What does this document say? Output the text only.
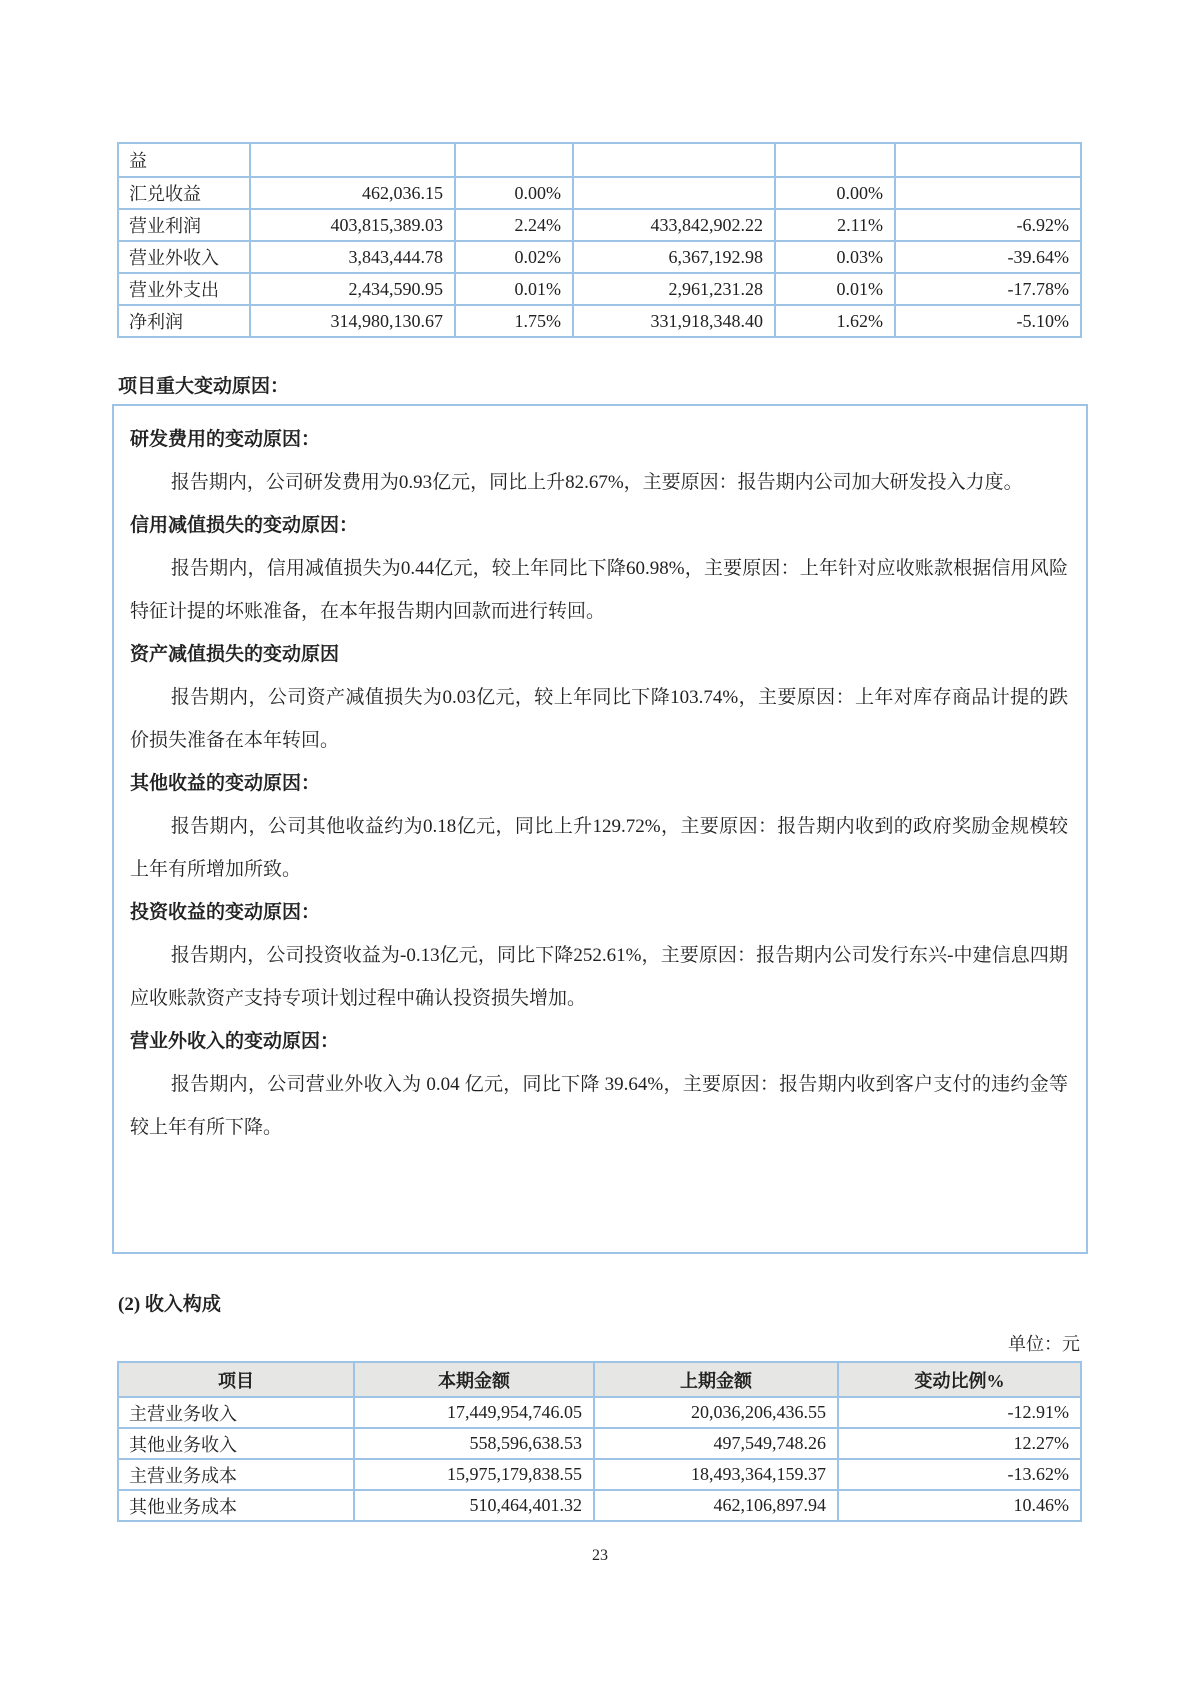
益					
汇兑收益	462,036.15	0.00%		0.00%	
营业利润	403,815,389.03	2.24%	433,842,902.22	2.11%	-6.92%
营业外收入	3,843,444.78	0.02%	6,367,192.98	0.03%	-39.64%
营业外支出	2,434,590.95	0.01%	2,961,231.28	0.01%	-17.78%
净利润	314,980,130.67	1.75%	331,918,348.40	1.62%	-5.10%
项目重大变动原因：
研发费用的变动原因：

报告期内，公司研发费用为0.93亿元，同比上升82.67%，主要原因：报告期内公司加大研发投入力度。

信用减值损失的变动原因：

报告期内，信用减值损失为0.44亿元，较上年同比下降60.98%，主要原因：上年针对应收账款根据信用风险特征计提的坏账准备，在本年报告期内回款而进行转回。

资产减值损失的变动原因

报告期内，公司资产减值损失为0.03亿元，较上年同比下降103.74%，主要原因：上年对库存商品计提的跌价损失准备在本年转回。

其他收益的变动原因：

报告期内，公司其他收益约为0.18亿元，同比上升129.72%，主要原因：报告期内收到的政府奖励金规模较上年有所增加所致。

投资收益的变动原因：

报告期内，公司投资收益为-0.13亿元，同比下降252.61%，主要原因：报告期内公司发行东兴-中建信息四期应收账款资产支持专项计划过程中确认投资损失增加。

营业外收入的变动原因：

报告期内，公司营业外收入为 0.04 亿元，同比下降 39.64%，主要原因：报告期内收到客户支付的违约金等较上年有所下降。

(2) 收入构成
单位：元
项目	本期金额	上期金额	变动比例%
主营业务收入	17,449,954,746.05	20,036,206,436.55	-12.91%
其他业务收入	558,596,638.53	497,549,748.26	12.27%
主营业务成本	15,975,179,838.55	18,493,364,159.37	-13.62%
其他业务成本	510,464,401.32	462,106,897.94	10.46%
23
